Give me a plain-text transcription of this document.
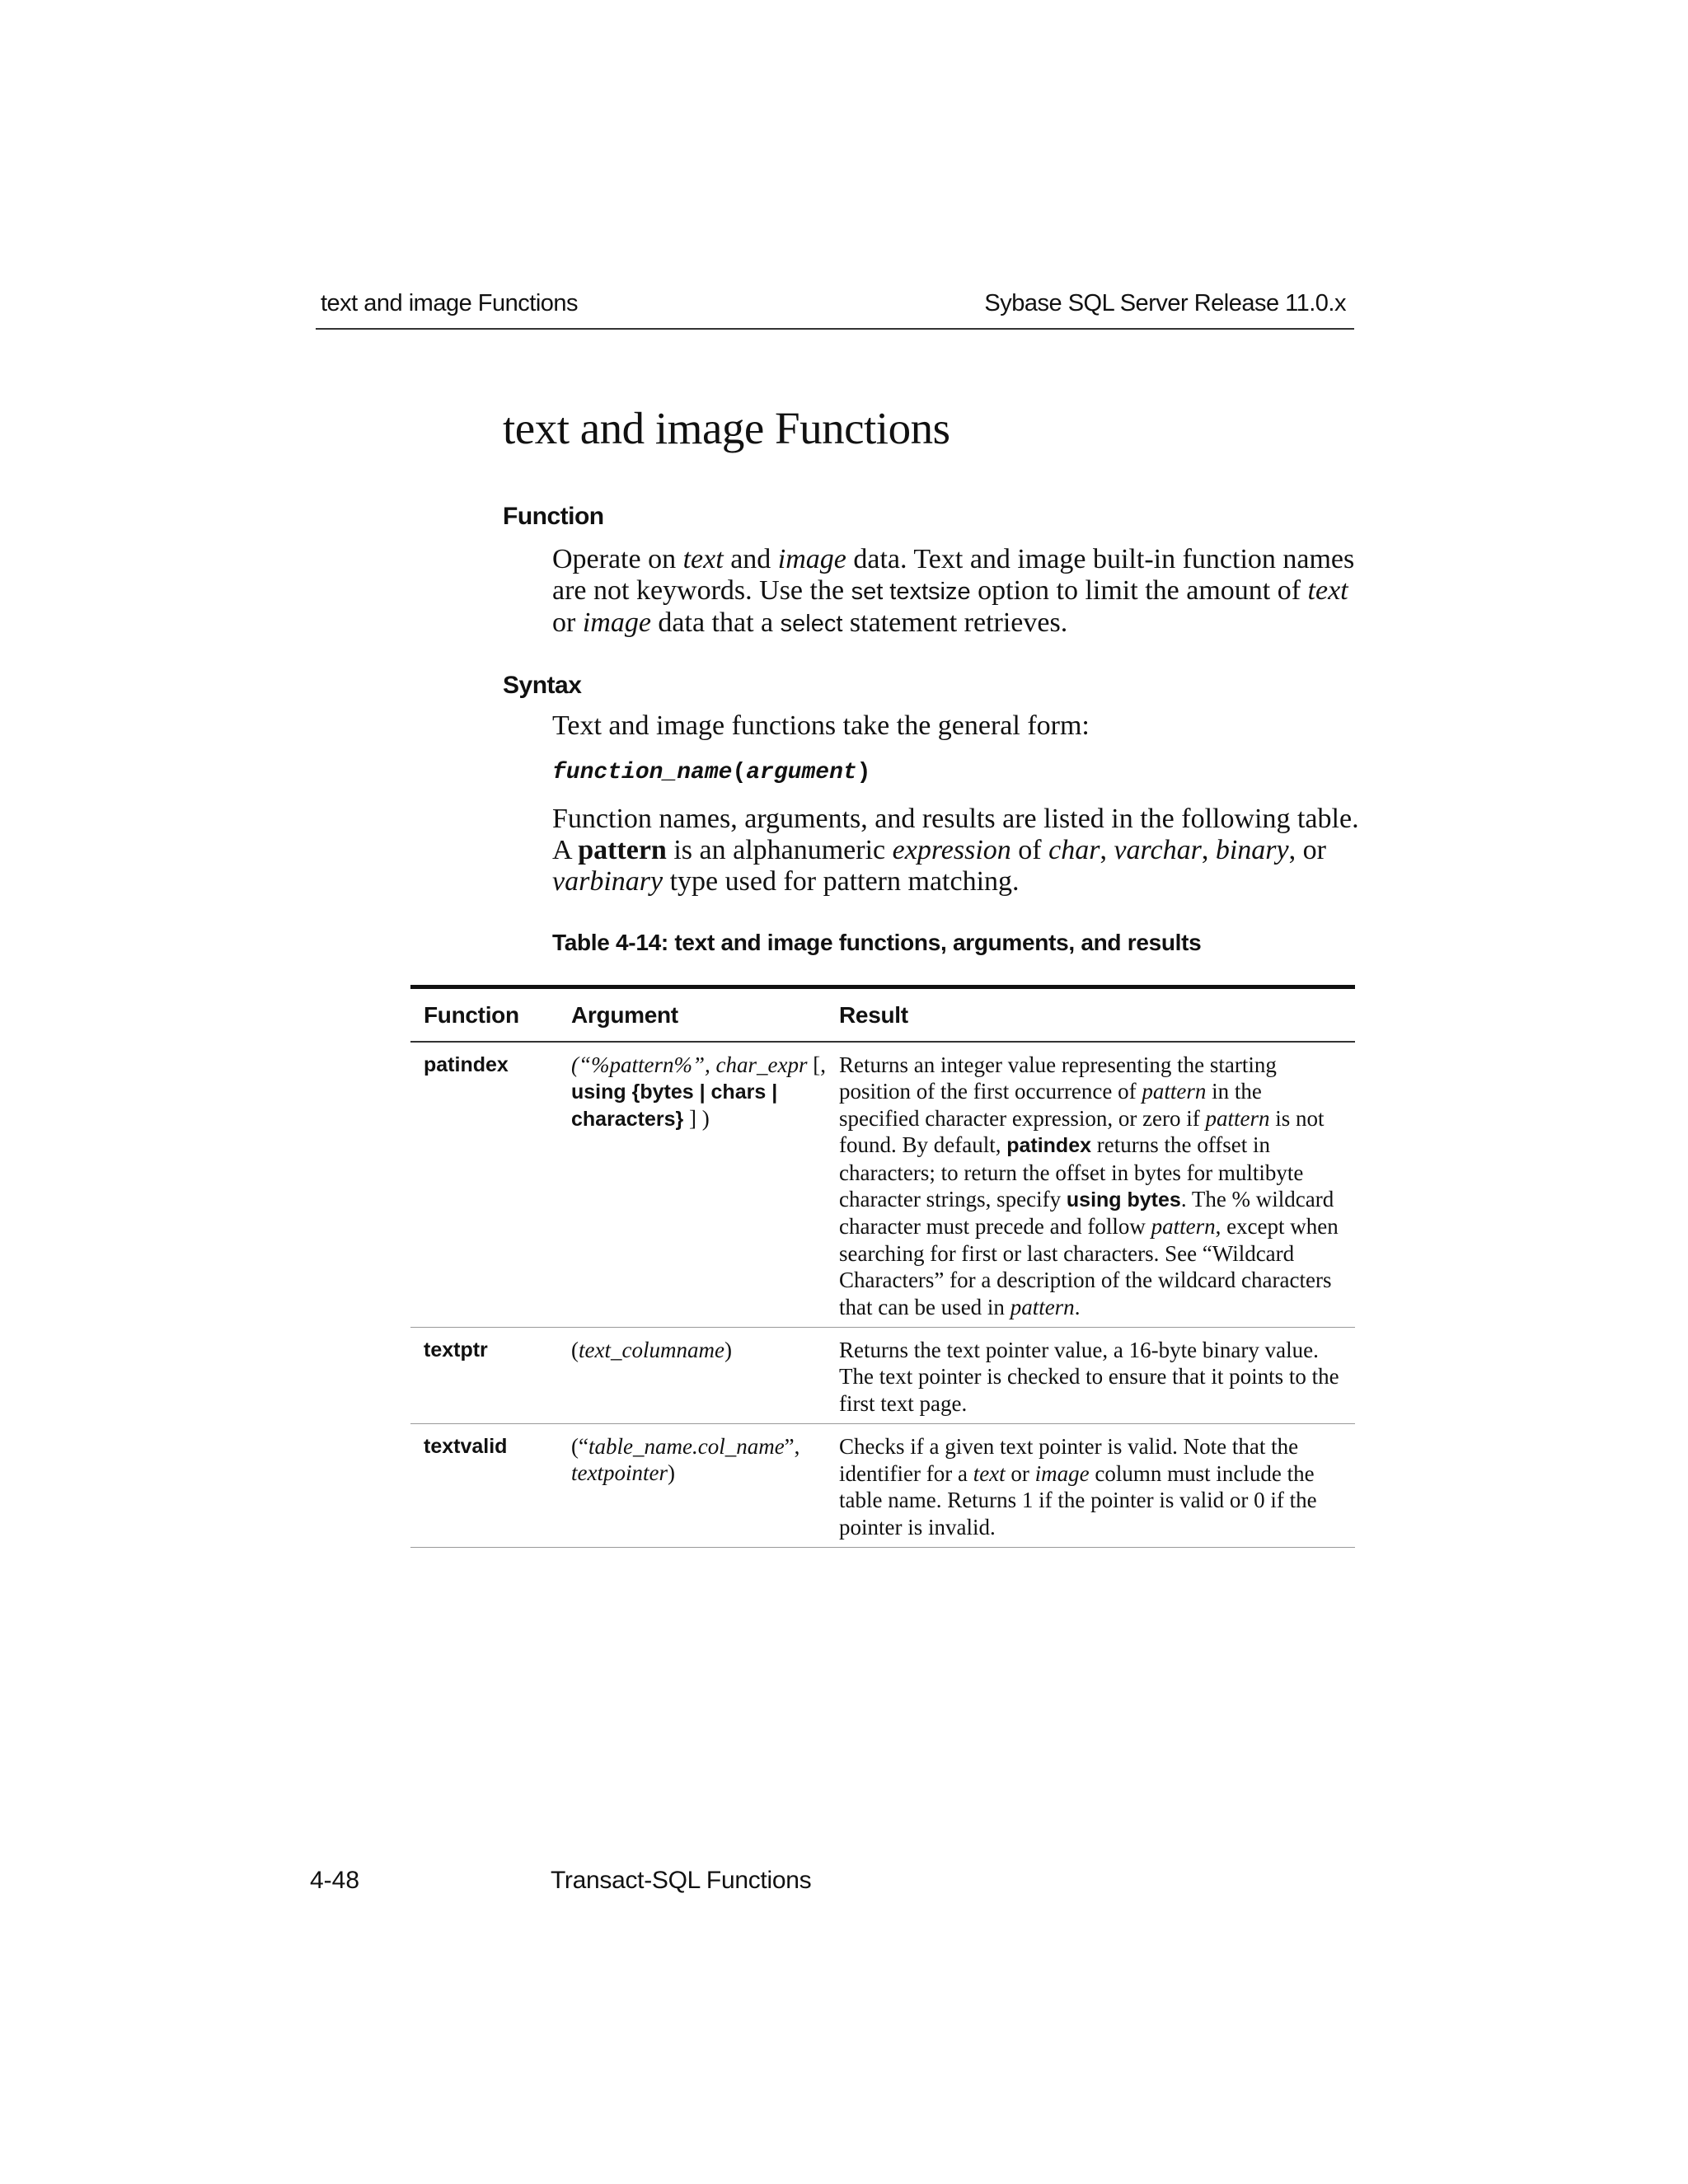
text and image Functions	Sybase SQL Server Release 11.0.x
text and image Functions
Function

Operate on text and image data. Text and image built-in function names are not keywords. Use the set textsize option to limit the amount of text or image data that a select statement retrieves.

Syntax
Text and image functions take the general form:
function_name(argument)

Function names, arguments, and results are listed in the following table. A pattern is an alphanumeric expression of char, varchar, binary, or varbinary type used for pattern matching.

Table 4-14: text and image functions, arguments, and results
Function	Argument	Result
patindex	(“%pattern%”, char_expr [, using {bytes | chars | characters} ] )	Returns an integer value representing the starting position of the first occurrence of pattern in the specified character expression, or zero if pattern is not found. By default, patindex returns the offset in characters; to return the offset in bytes for multibyte character strings, specify using bytes. The % wildcard character must precede and follow pattern, except when searching for first or last characters. See “Wildcard Characters” for a description of the wildcard characters that can be used in pattern.
textptr	(text_columname)	Returns the text pointer value, a 16-byte binary value. The text pointer is checked to ensure that it points to the first text page.
textvalid	(“table_name.col_name”, textpointer)	Checks if a given text pointer is valid. Note that the identifier for a text or image column must include the table name. Returns 1 if the pointer is valid or 0 if the pointer is invalid.
4-48	Transact-SQL Functions
